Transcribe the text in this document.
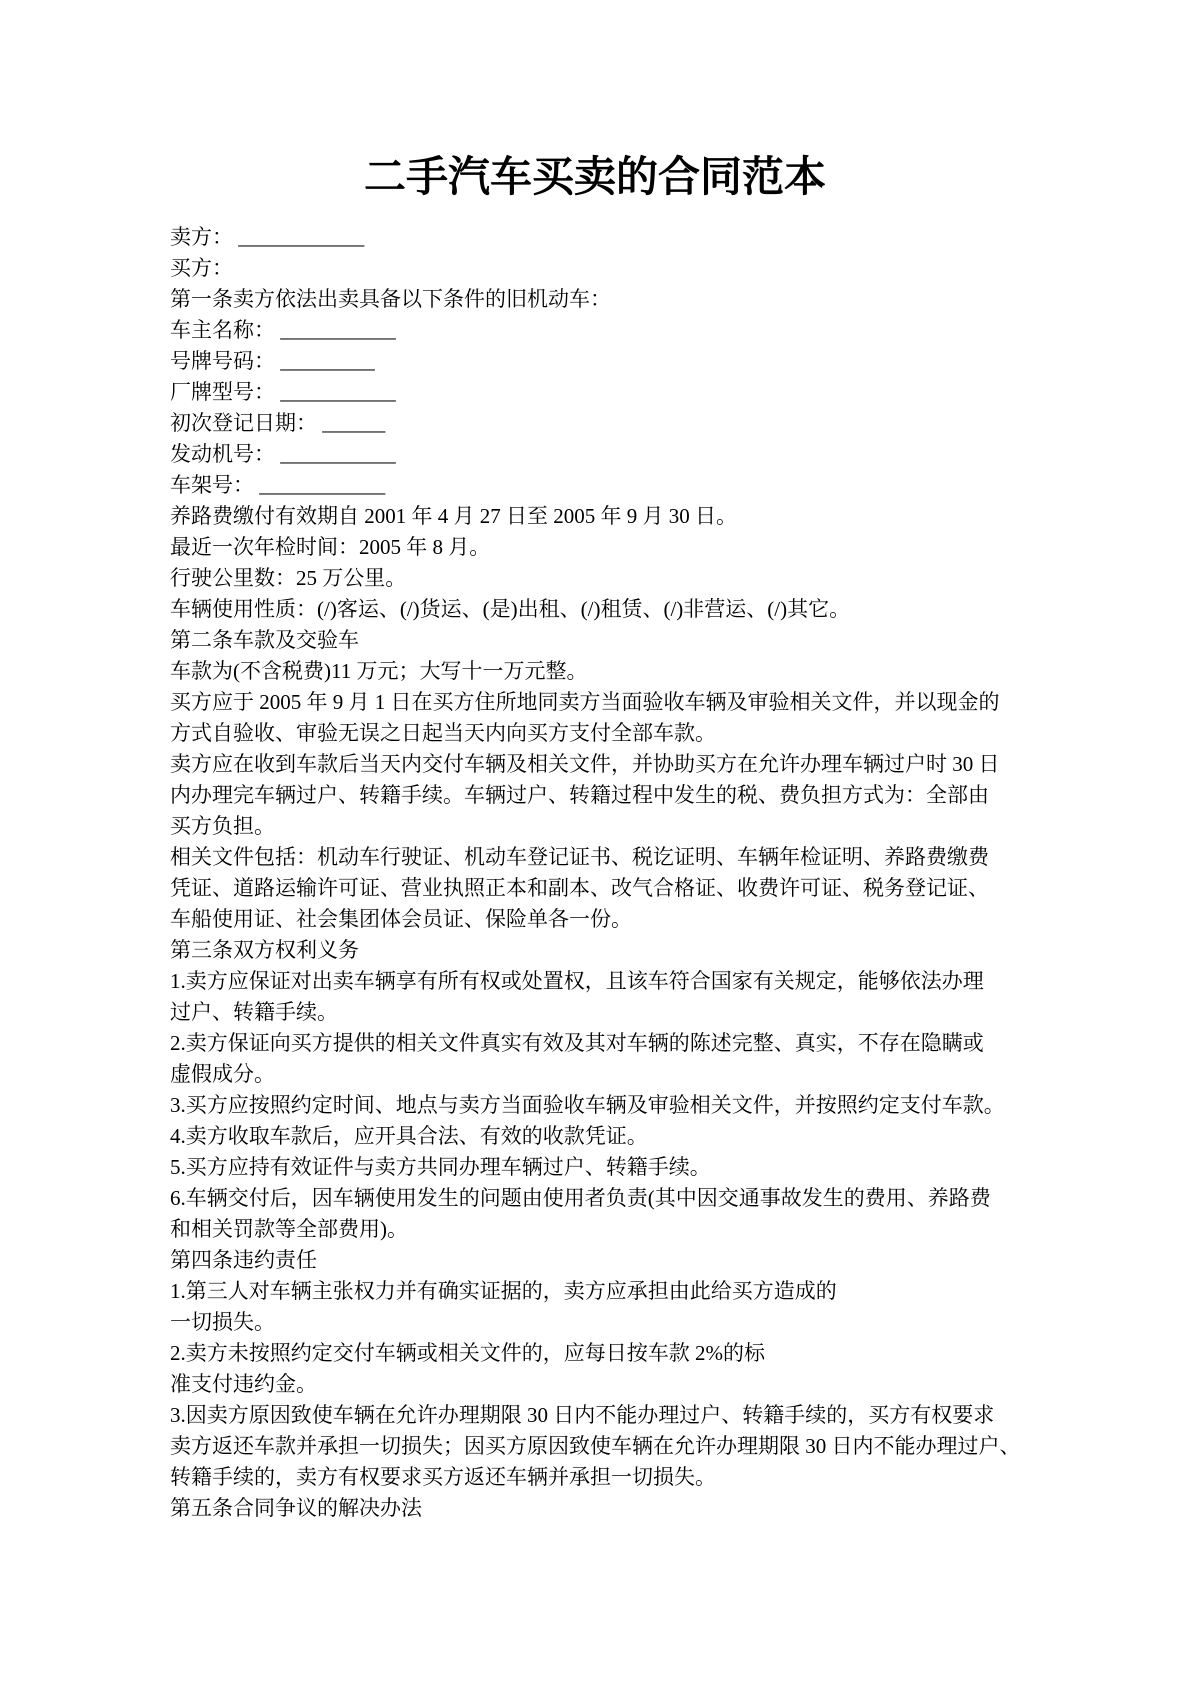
二手汽车买卖的合同范本
卖方： ____________
买方：
第一条卖方依法出卖具备以下条件的旧机动车：
车主名称： ___________
号牌号码： _________
厂牌型号： ___________
初次登记日期： ______
发动机号： ___________
车架号： ____________
养路费缴付有效期自 2001 年 4 月 27 日至 2005 年 9 月 30 日。
最近一次年检时间：2005 年 8 月。
行驶公里数：25 万公里。
车辆使用性质：(/)客运、(/)货运、(是)出租、(/)租赁、(/)非营运、(/)其它。
第二条车款及交验车
车款为(不含税费)11 万元；大写十一万元整。
买方应于 2005 年 9 月 1 日在买方住所地同卖方当面验收车辆及审验相关文件，并以现金的
方式自验收、审验无误之日起当天内向买方支付全部车款。
卖方应在收到车款后当天内交付车辆及相关文件，并协助买方在允许办理车辆过户时 30 日
内办理完车辆过户、转籍手续。车辆过户、转籍过程中发生的税、费负担方式为：全部由
买方负担。
相关文件包括：机动车行驶证、机动车登记证书、税讫证明、车辆年检证明、养路费缴费
凭证、道路运输许可证、营业执照正本和副本、改气合格证、收费许可证、税务登记证、
车船使用证、社会集团体会员证、保险单各一份。
第三条双方权利义务
1.卖方应保证对出卖车辆享有所有权或处置权，且该车符合国家有关规定，能够依法办理
过户、转籍手续。
2.卖方保证向买方提供的相关文件真实有效及其对车辆的陈述完整、真实，不存在隐瞒或
虚假成分。
3.买方应按照约定时间、地点与卖方当面验收车辆及审验相关文件，并按照约定支付车款。
4.卖方收取车款后，应开具合法、有效的收款凭证。
5.买方应持有效证件与卖方共同办理车辆过户、转籍手续。
6.车辆交付后，因车辆使用发生的问题由使用者负责(其中因交通事故发生的费用、养路费
和相关罚款等全部费用)。
第四条违约责任
1.第三人对车辆主张权力并有确实证据的，卖方应承担由此给买方造成的
一切损失。
2.卖方未按照约定交付车辆或相关文件的，应每日按车款 2%的标
准支付违约金。
3.因卖方原因致使车辆在允许办理期限 30 日内不能办理过户、转籍手续的，买方有权要求
卖方返还车款并承担一切损失；因买方原因致使车辆在允许办理期限 30 日内不能办理过户、
转籍手续的，卖方有权要求买方返还车辆并承担一切损失。
第五条合同争议的解决办法
